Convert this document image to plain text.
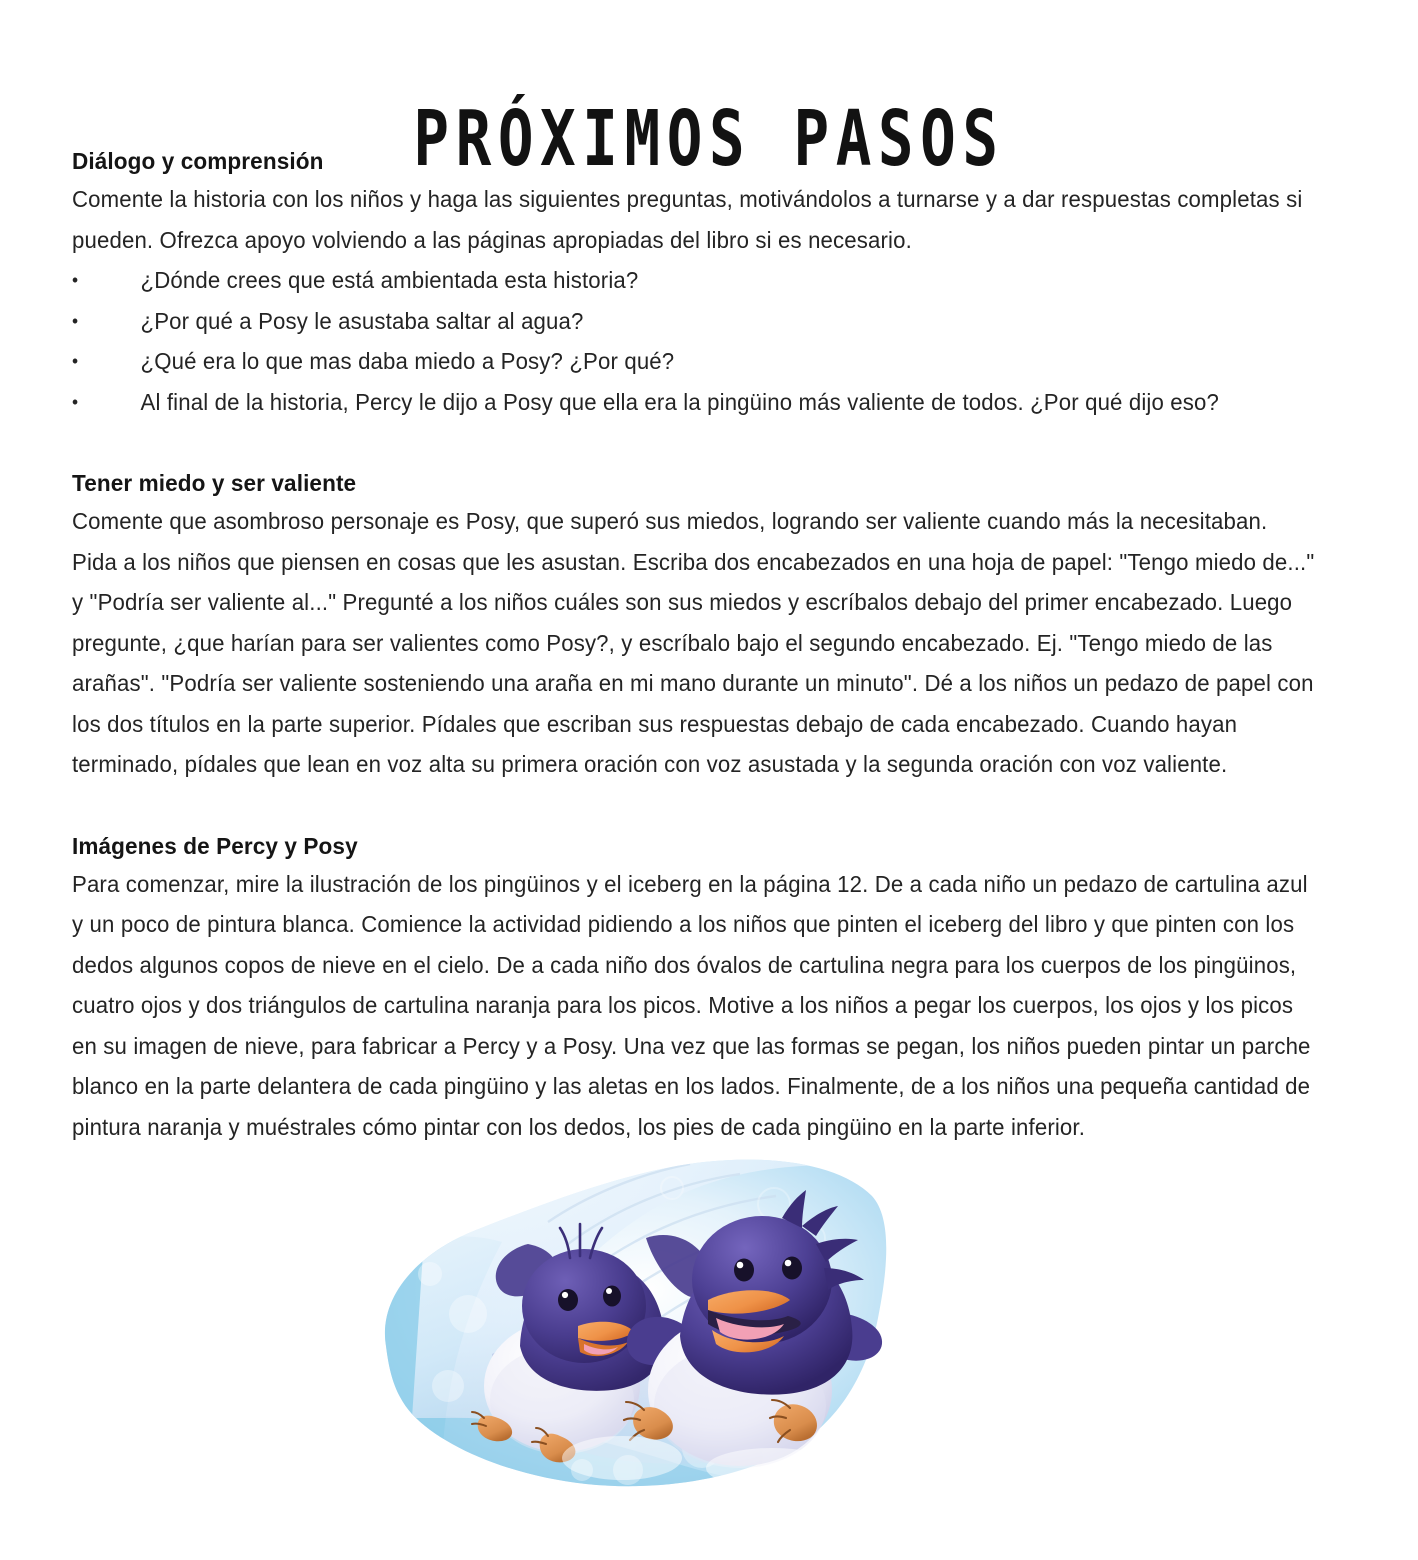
PRÓXIMOS PASOS
Diálogo y comprensión

Comente la historia con los niños y haga las siguientes preguntas, motivándolos a turnarse y a dar respuestas completas si pueden. Ofrezca apoyo volviendo a las páginas apropiadas del libro si es necesario.

•	¿Dónde crees que está ambientada esta historia?
•	¿Por qué a Posy le asustaba saltar al agua?
•	¿Qué era lo que mas daba miedo a Posy? ¿Por qué?
•	Al final de la historia, Percy le dijo a Posy que ella era la pingüino más valiente de todos. ¿Por qué dijo eso?
Tener miedo y ser valiente

Comente que asombroso personaje es Posy, que superó sus miedos, logrando ser valiente cuando más la necesitaban. Pida a los niños que piensen en cosas que les asustan. Escriba dos encabezados en una hoja de papel: "Tengo miedo de..." y "Podría ser valiente al..." Pregunté a los niños cuáles son sus miedos y escríbalos debajo del primer encabezado. Luego pregunte, ¿que harían para ser valientes como Posy?, y escríbalo bajo el segundo encabezado. Ej. "Tengo miedo de las arañas". "Podría ser valiente sosteniendo una araña en mi mano durante un minuto". Dé a los niños un pedazo de papel con los dos títulos en la parte superior. Pídales que escriban sus respuestas debajo de cada encabezado. Cuando hayan terminado, pídales que lean en voz alta su primera oración con voz asustada y la segunda oración con voz valiente.

Imágenes de Percy y Posy

Para comenzar, mire la ilustración de los pingüinos y el iceberg en la página 12. De a cada niño un pedazo de cartulina azul y un poco de pintura blanca. Comience la actividad pidiendo a los niños que pinten el iceberg del libro y que pinten con los dedos algunos copos de nieve en el cielo. De a cada niño dos óvalos de cartulina negra para los cuerpos de los pingüinos, cuatro ojos y dos triángulos de cartulina naranja para los picos. Motive a los niños a pegar los cuerpos, los ojos y los picos en su imagen de nieve, para fabricar a Percy y a Posy. Una vez que las formas se pegan, los niños pueden pintar un parche blanco en la parte delantera de cada pingüino y las aletas en los lados. Finalmente, de a los niños una pequeña cantidad de pintura naranja y muéstrales cómo pintar con los dedos, los pies de cada pingüino en la parte inferior.
